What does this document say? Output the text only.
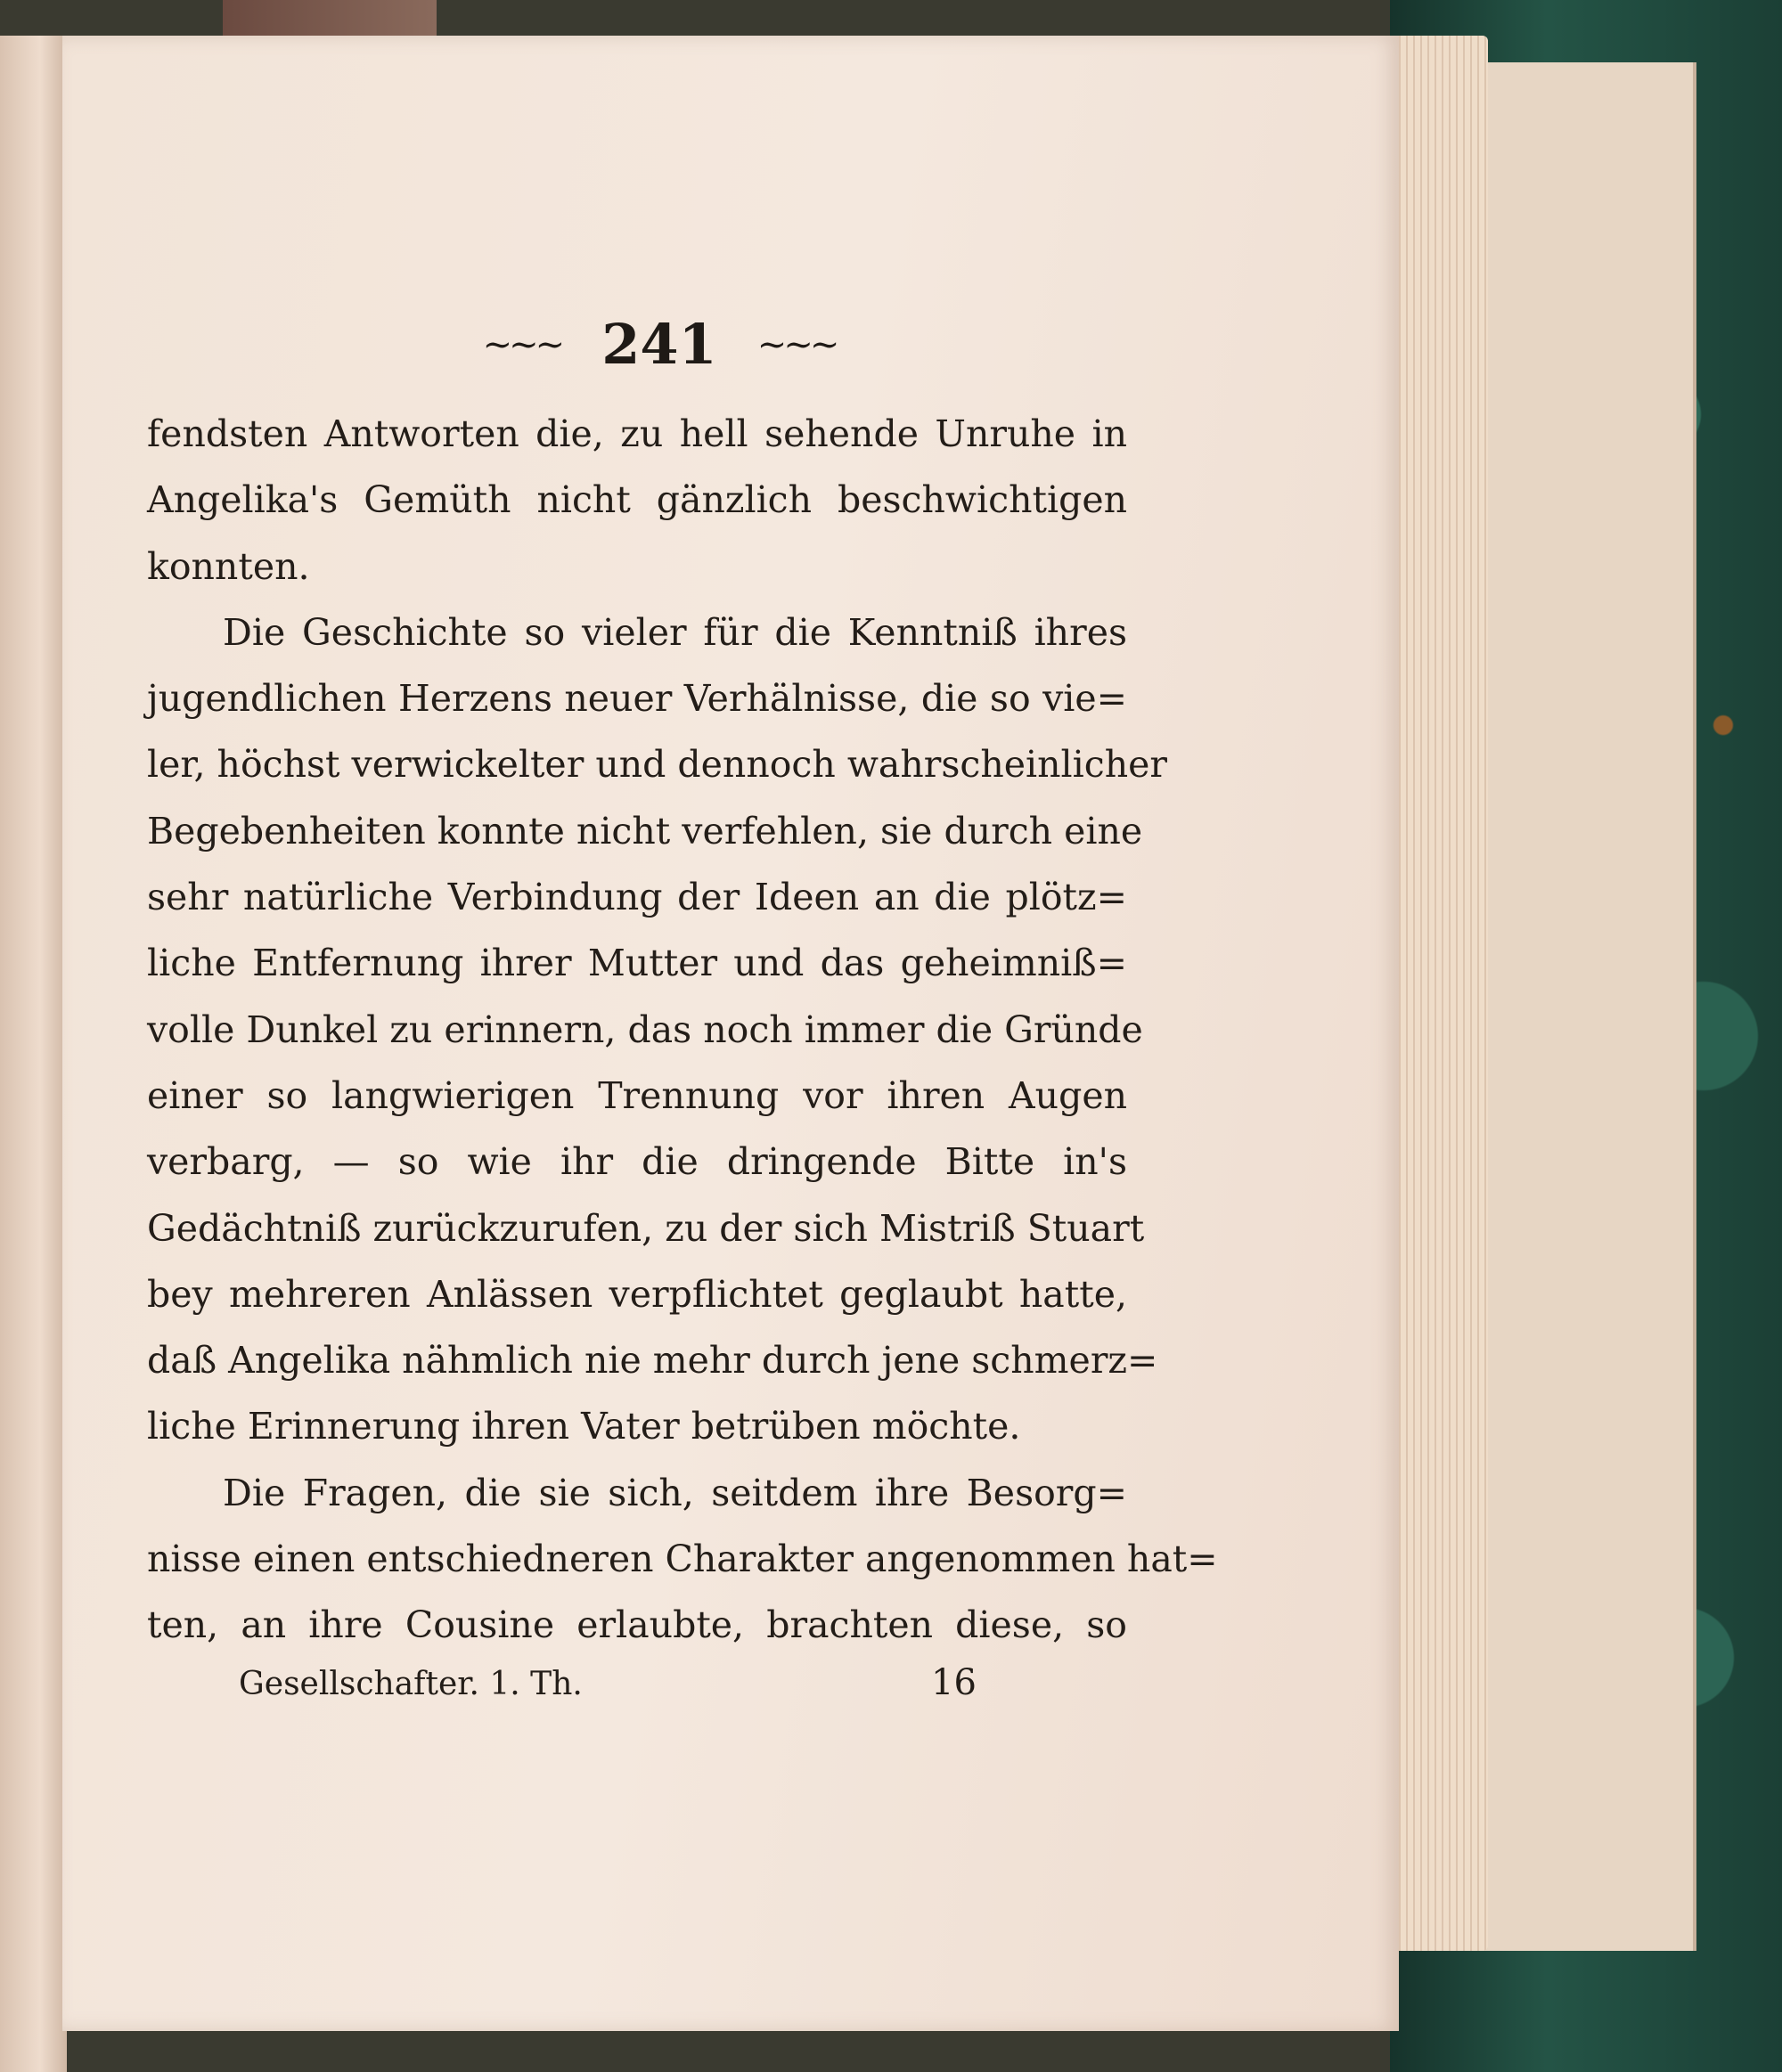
~~~ 241 ~~~
fendsten Antworten die, zu hell sehende Unruhe in
Angelika's Gemüth nicht gänzlich beschwichtigen
konnten.
Die Geschichte so vieler für die Kenntniß ihres
jugendlichen Herzens neuer Verhälnisse, die so vie=
ler, höchst verwickelter und dennoch wahrscheinlicher
Begebenheiten konnte nicht verfehlen, sie durch eine
sehr natürliche Verbindung der Ideen an die plötz=
liche Entfernung ihrer Mutter und das geheimniß=
volle Dunkel zu erinnern, das noch immer die Gründe
einer so langwierigen Trennung vor ihren Augen
verbarg, — so wie ihr die dringende Bitte in's
Gedächtniß zurückzurufen, zu der sich Mistriß Stuart
bey mehreren Anlässen verpflichtet geglaubt hatte,
daß Angelika nähmlich nie mehr durch jene schmerz=
liche Erinnerung ihren Vater betrüben möchte.
Die Fragen, die sie sich, seitdem ihre Besorg=
nisse einen entschiedneren Charakter angenommen hat=
ten, an ihre Cousine erlaubte, brachten diese, so
Gesellschafter. 1. Th.	16
